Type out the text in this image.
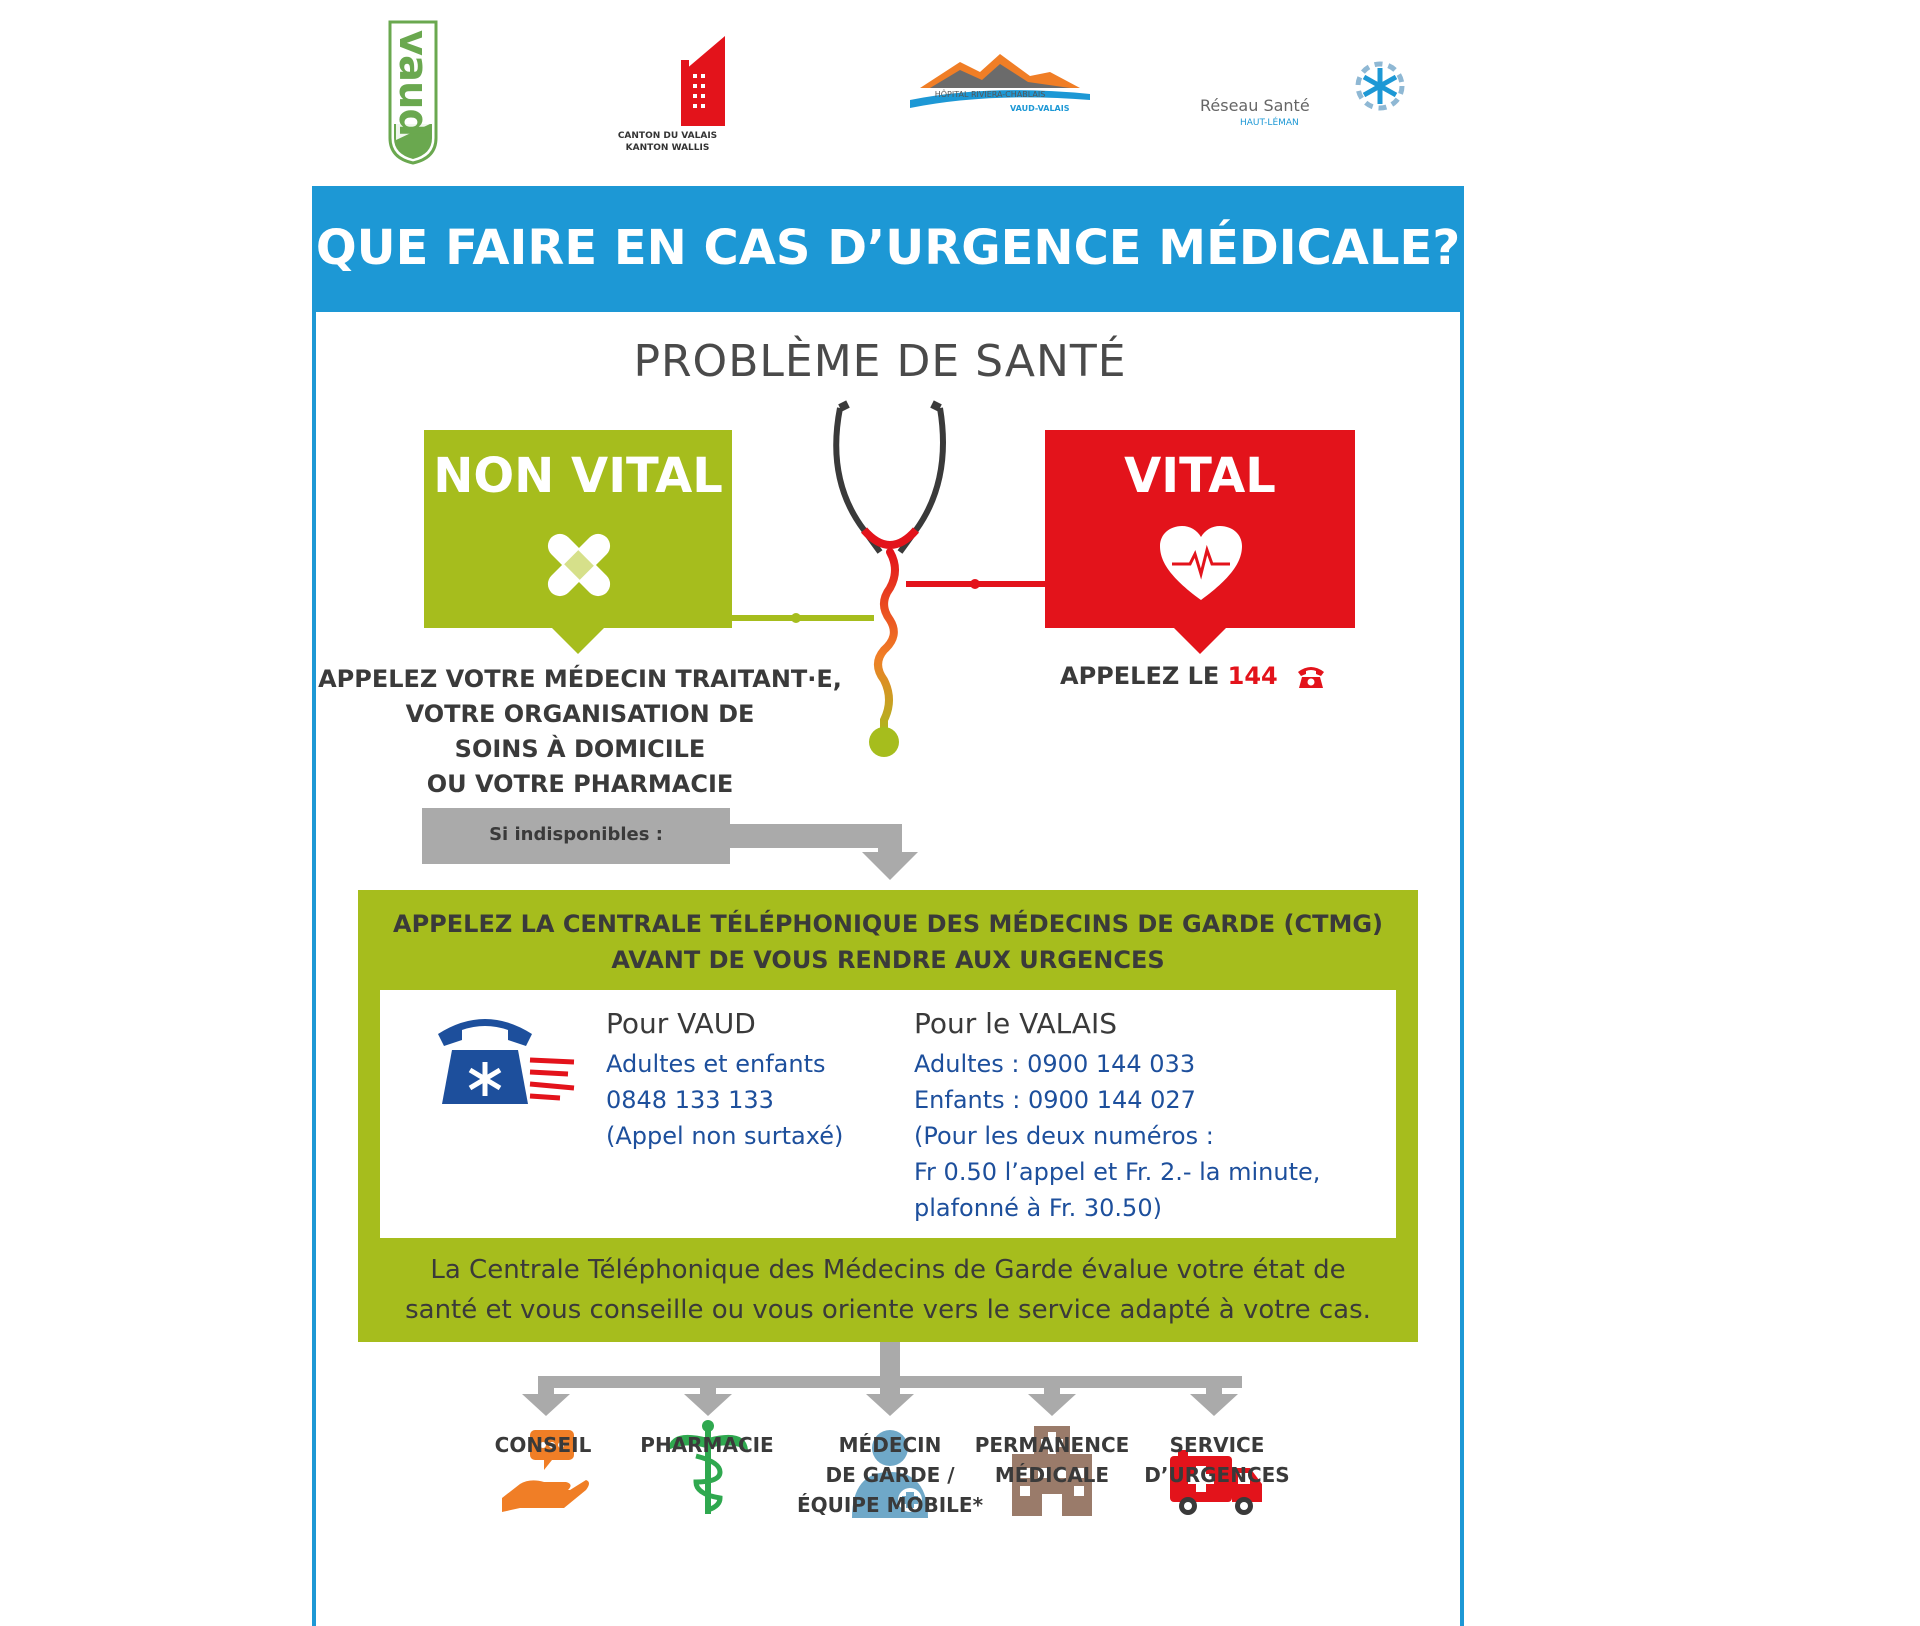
vaud	CANTON DU VALAIS
KANTON WALLIS
HÔPITAL RIVIERA-CHABLAIS
VAUD-VALAIS	Réseau Santé
HAUT-LÉMAN
QUE FAIRE EN CAS D’URGENCE MÉDICALE?
PROBLÈME DE SANTÉ
NON VITAL
APPELEZ VOTRE MÉDECIN TRAITANT·E,
VOTRE ORGANISATION DE
SOINS À DOMICILE
OU VOTRE PHARMACIE
VITAL
APPELEZ LE 144
Si indisponibles :
APPELEZ LA CENTRALE TÉLÉPHONIQUE DES MÉDECINS DE GARDE (CTMG)
AVANT DE VOUS RENDRE AUX URGENCES
Pour VAUD
Adultes et enfants
0848 133 133
(Appel non surtaxé)
Pour le VALAIS
Adultes : 0900 144 033
Enfants : 0900 144 027
(Pour les deux numéros :
Fr 0.50 l’appel et Fr. 2.- la minute,
plafonné à Fr. 30.50)
La Centrale Téléphonique des Médecins de Garde évalue votre état de
santé et vous conseille ou vous oriente vers le service adapté à votre cas.
CONSEIL	PHARMACIE	MÉDECIN
DE GARDE /
ÉQUIPE MOBILE*
PERMANENCE
MÉDICALE
SERVICE
D’URGENCES
